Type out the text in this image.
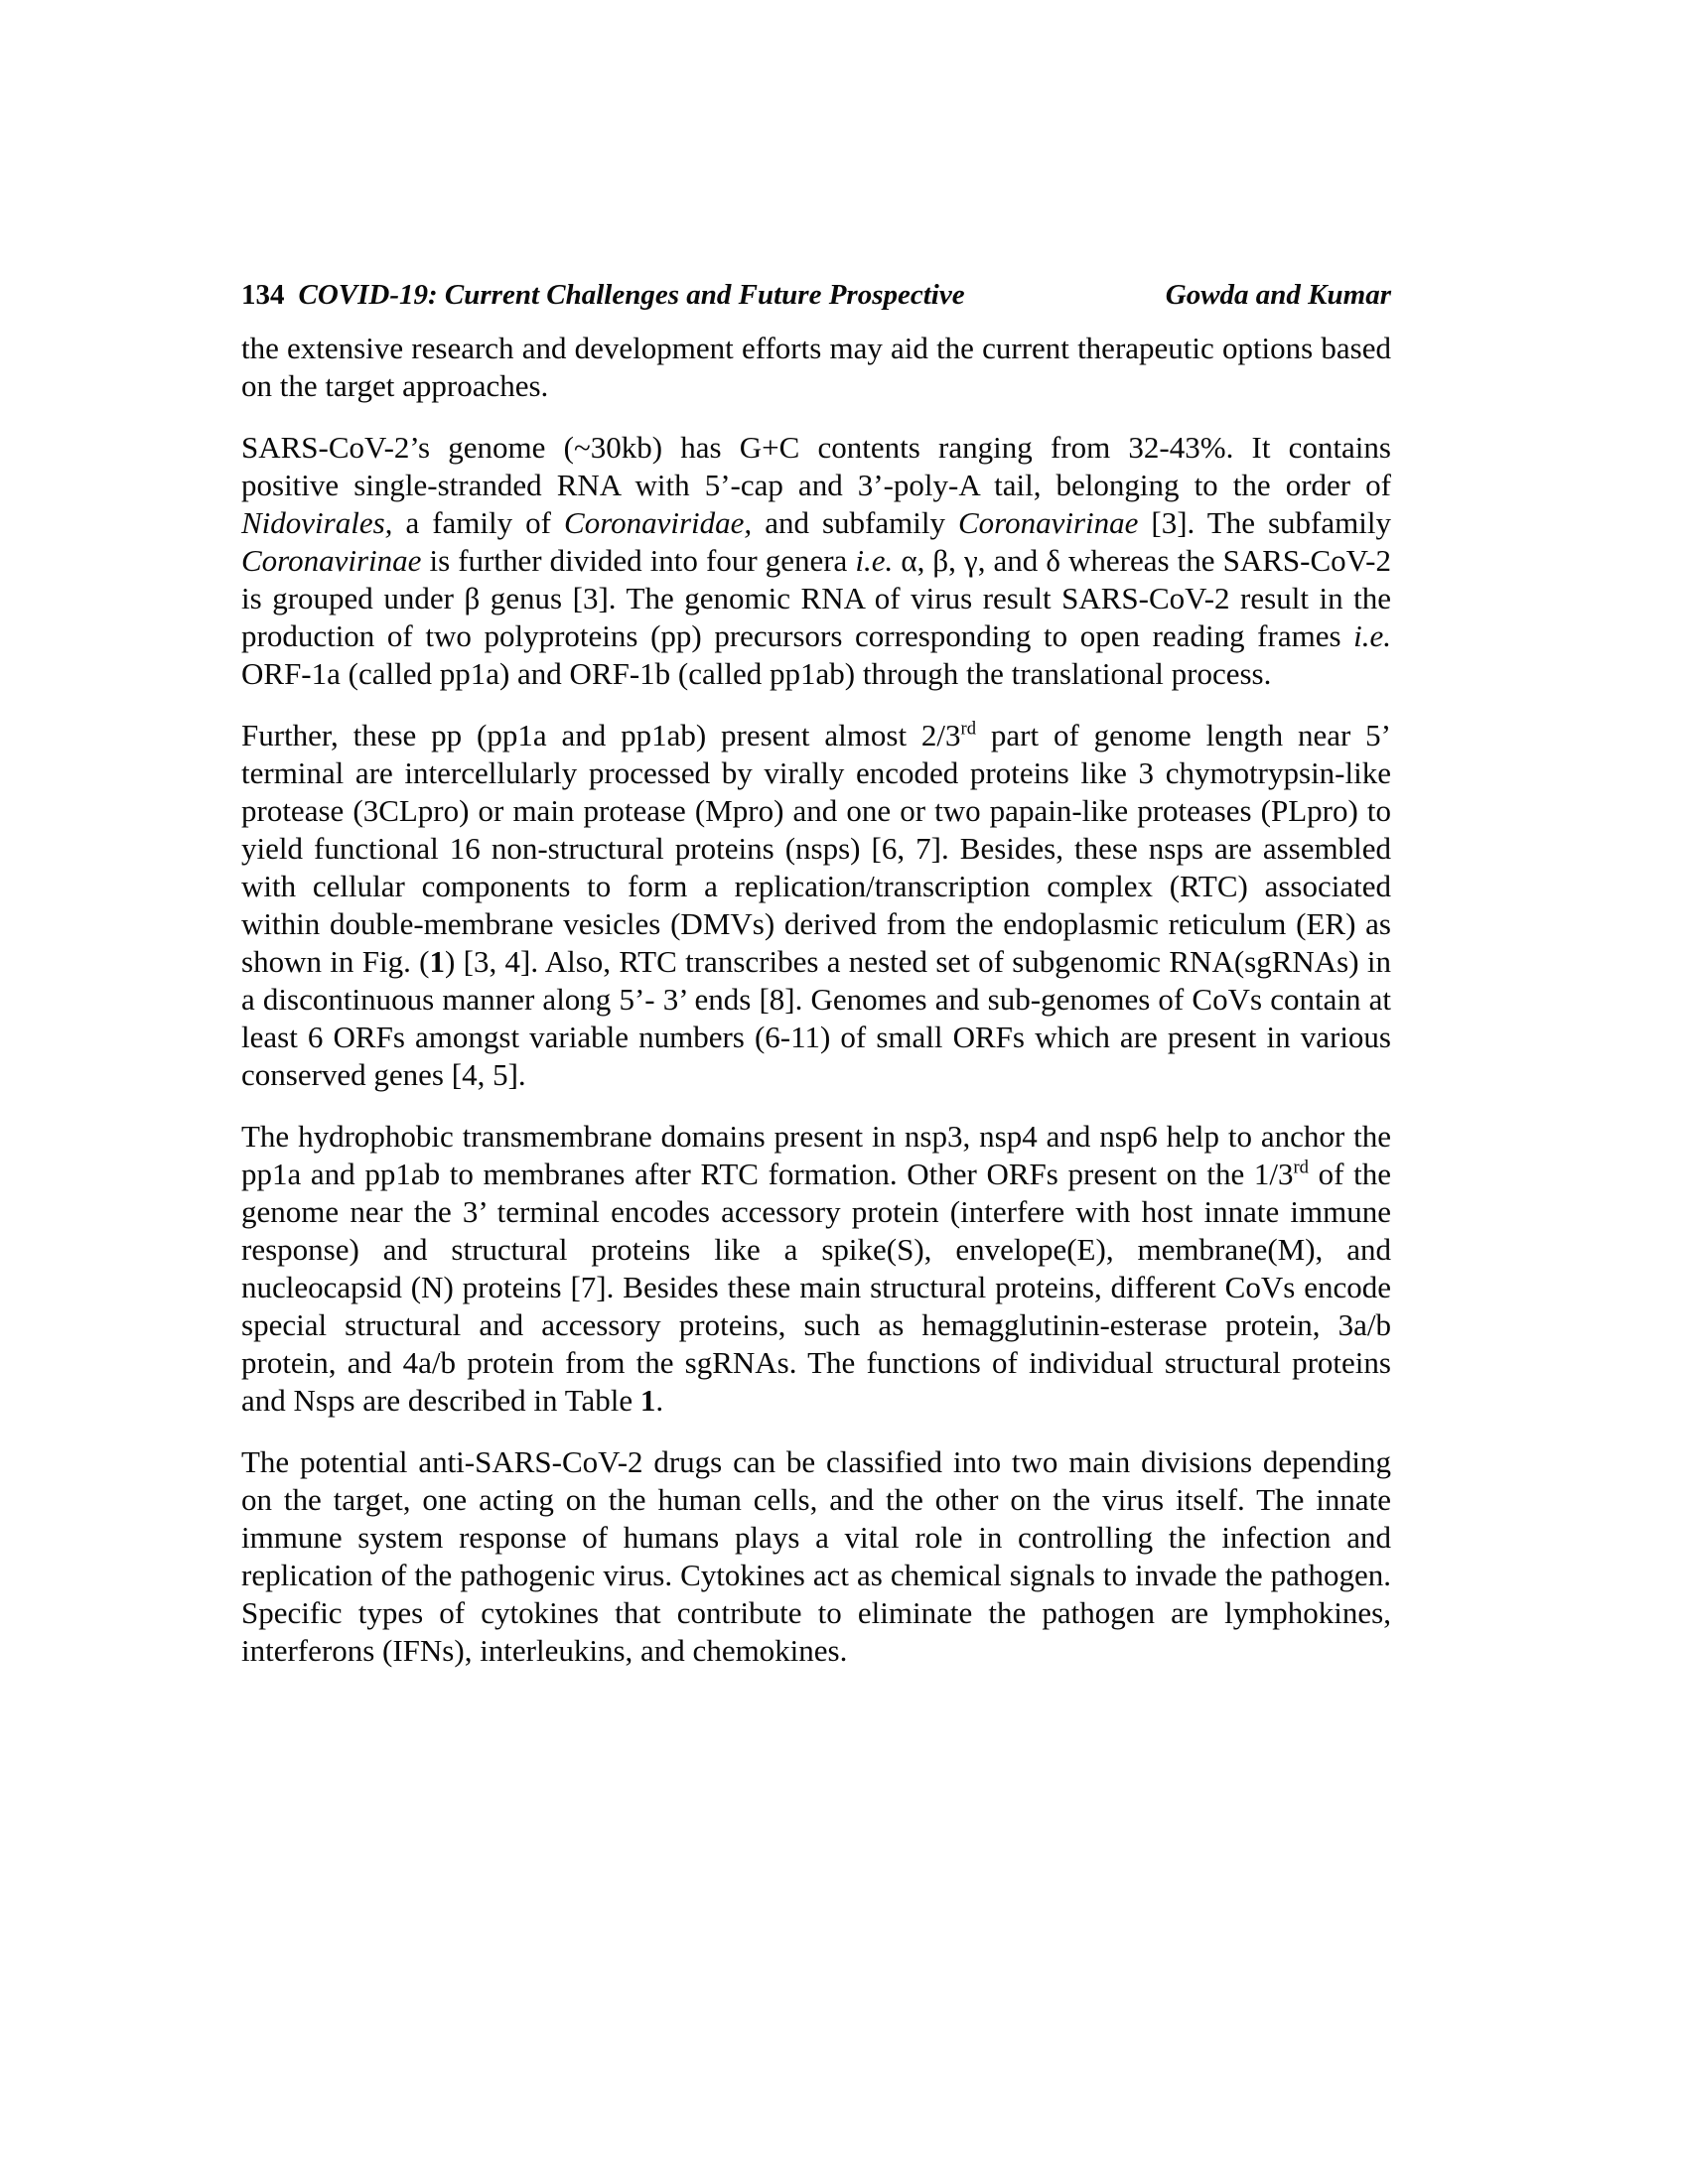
134 COVID-19: Current Challenges and Future Prospective	Gowda and Kumar

the extensive research and development efforts may aid the current therapeutic options based on the target approaches.

SARS-CoV-2’s genome (~30kb) has G+C contents ranging from 32-43%. It contains positive single-stranded RNA with 5’-cap and 3’-poly-A tail, belonging to the order of Nidovirales, a family of Coronaviridae, and subfamily Coronavirinae [3]. The subfamily Coronavirinae is further divided into four genera i.e. α, β, γ, and δ whereas the SARS-CoV-2 is grouped under β genus [3]. The genomic RNA of virus result SARS-CoV-2 result in the production of two polyproteins (pp) precursors corresponding to open reading frames i.e. ORF-1a (called pp1a) and ORF-1b (called pp1ab) through the translational process.

Further, these pp (pp1a and pp1ab) present almost 2/3rd part of genome length near 5’ terminal are intercellularly processed by virally encoded proteins like 3 chymotrypsin-like protease (3CLpro) or main protease (Mpro) and one or two papain-like proteases (PLpro) to yield functional 16 non-structural proteins (nsps) [6, 7]. Besides, these nsps are assembled with cellular components to form a replication/transcription complex (RTC) associated within double-membrane vesicles (DMVs) derived from the endoplasmic reticulum (ER) as shown in Fig. (1) [3, 4]. Also, RTC transcribes a nested set of subgenomic RNA(sgRNAs) in a discontinuous manner along 5’- 3’ ends [8]. Genomes and sub-genomes of CoVs contain at least 6 ORFs amongst variable numbers (6-11) of small ORFs which are present in various conserved genes [4, 5].

The hydrophobic transmembrane domains present in nsp3, nsp4 and nsp6 help to anchor the pp1a and pp1ab to membranes after RTC formation. Other ORFs present on the 1/3rd of the genome near the 3’ terminal encodes accessory protein (interfere with host innate immune response) and structural proteins like a spike(S), envelope(E), membrane(M), and nucleocapsid (N) proteins [7]. Besides these main structural proteins, different CoVs encode special structural and accessory proteins, such as hemagglutinin-esterase protein, 3a/b protein, and 4a/b protein from the sgRNAs. The functions of individual structural proteins and Nsps are described in Table 1.

The potential anti-SARS-CoV-2 drugs can be classified into two main divisions depending on the target, one acting on the human cells, and the other on the virus itself. The innate immune system response of humans plays a vital role in controlling the infection and replication of the pathogenic virus. Cytokines act as chemical signals to invade the pathogen. Specific types of cytokines that contribute to eliminate the pathogen are lymphokines, interferons (IFNs), interleukins, and chemokines.
